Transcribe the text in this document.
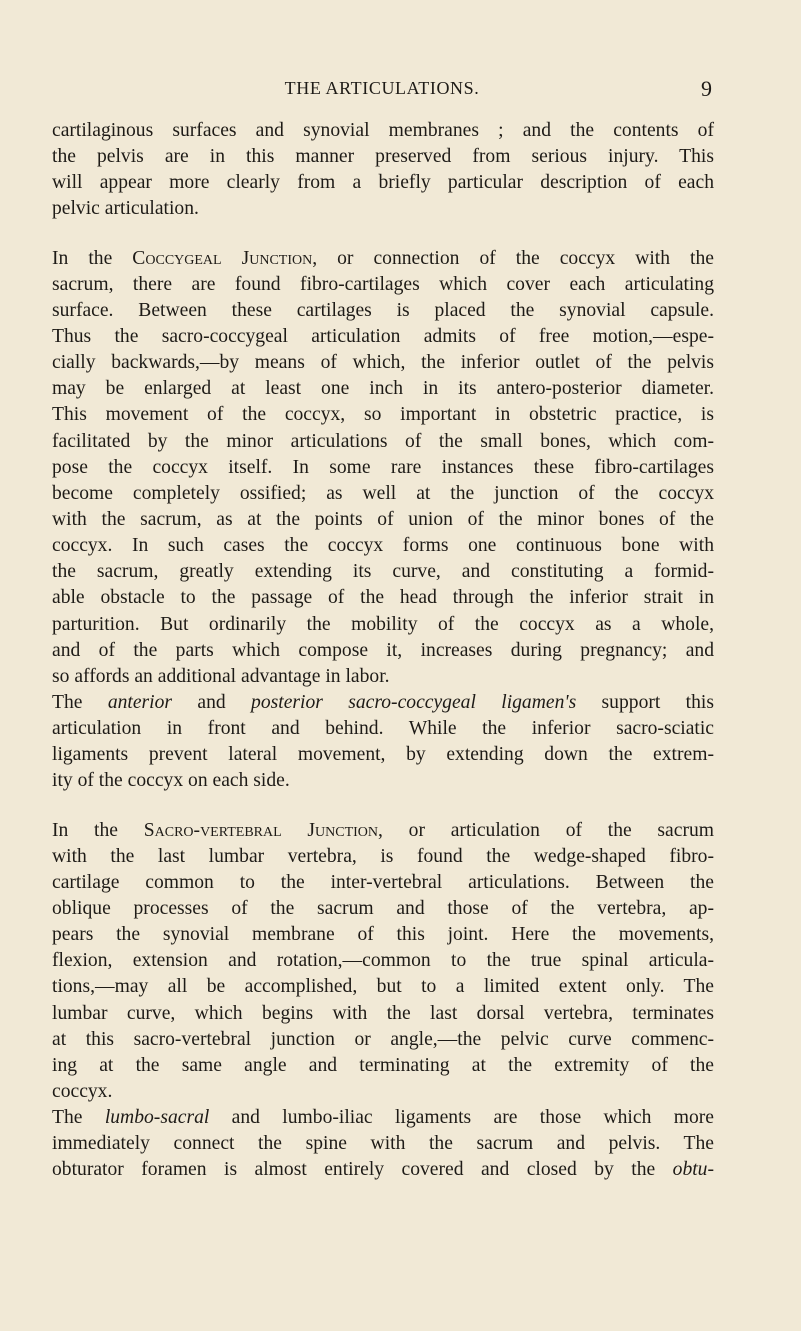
THE ARTICULATIONS.	9
cartilaginous surfaces and synovial membranes ; and the contents of
the pelvis are in this manner preserved from serious injury. This
will appear more clearly from a briefly particular description of each
pelvic articulation.
In the Coccygeal Junction, or connection of the coccyx with the
sacrum, there are found fibro-cartilages which cover each articulating
surface. Between these cartilages is placed the synovial capsule.
Thus the sacro-coccygeal articulation admits of free motion,—espe-
cially backwards,—by means of which, the inferior outlet of the pelvis
may be enlarged at least one inch in its antero-posterior diameter.
This movement of the coccyx, so important in obstetric practice, is
facilitated by the minor articulations of the small bones, which com-
pose the coccyx itself. In some rare instances these fibro-cartilages
become completely ossified; as well at the junction of the coccyx
with the sacrum, as at the points of union of the minor bones of the
coccyx. In such cases the coccyx forms one continuous bone with
the sacrum, greatly extending its curve, and constituting a formid-
able obstacle to the passage of the head through the inferior strait in
parturition. But ordinarily the mobility of the coccyx as a whole,
and of the parts which compose it, increases during pregnancy; and
so affords an additional advantage in labor.
The anterior and posterior sacro-coccygeal ligamen's support this
articulation in front and behind. While the inferior sacro-sciatic
ligaments prevent lateral movement, by extending down the extrem-
ity of the coccyx on each side.
In the Sacro-vertebral Junction, or articulation of the sacrum
with the last lumbar vertebra, is found the wedge-shaped fibro-
cartilage common to the inter-vertebral articulations. Between the
oblique processes of the sacrum and those of the vertebra, ap-
pears the synovial membrane of this joint. Here the movements,
flexion, extension and rotation,—common to the true spinal articula-
tions,—may all be accomplished, but to a limited extent only. The
lumbar curve, which begins with the last dorsal vertebra, terminates
at this sacro-vertebral junction or angle,—the pelvic curve commenc-
ing at the same angle and terminating at the extremity of the
coccyx.
The lumbo-sacral and lumbo-iliac ligaments are those which more
immediately connect the spine with the sacrum and pelvis. The
obturator foramen is almost entirely covered and closed by the obtu-
